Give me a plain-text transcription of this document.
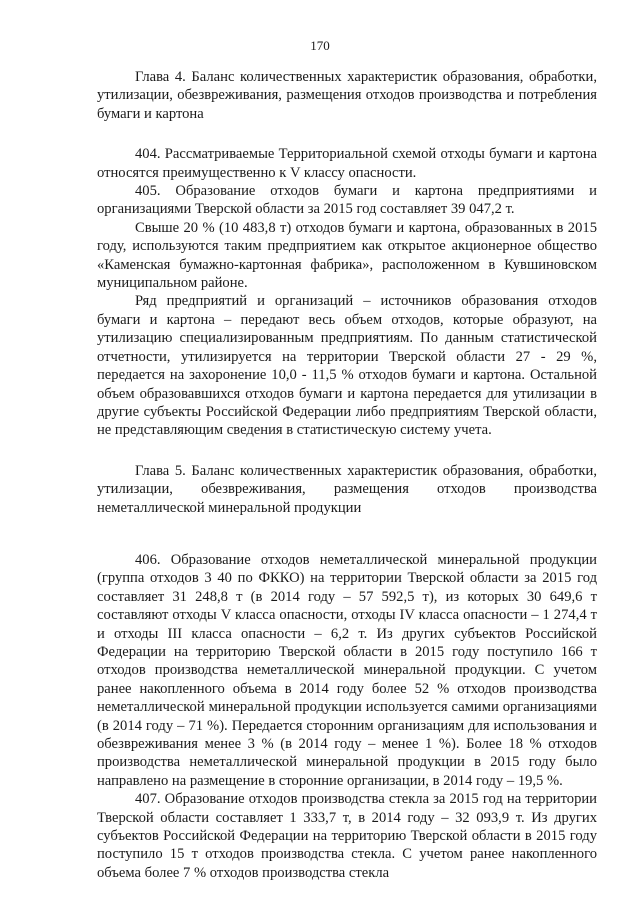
170

Глава 4. Баланс количественных характеристик образования, обработки, утилизации, обезвреживания, размещения отходов производства и потребления бумаги и картона

404. Рассматриваемые Территориальной схемой отходы бумаги и картона относятся преимущественно к V классу опасности.

405. Образование отходов бумаги и картона предприятиями и организациями Тверской области за 2015 год составляет 39 047,2 т.

Свыше 20 % (10 483,8 т) отходов бумаги и картона, образованных в 2015 году, используются таким предприятием как открытое акционерное общество «Каменская бумажно-картонная фабрика», расположенном в Кувшиновском муниципальном районе.

Ряд предприятий и организаций – источников образования отходов бумаги и картона – передают весь объем отходов, которые образуют, на утилизацию специализированным предприятиям. По данным статистической отчетности, утилизируется на территории Тверской области 27 - 29 %, передается на захоронение 10,0 - 11,5 % отходов бумаги и картона. Остальной объем образовавшихся отходов бумаги и картона передается для утилизации в другие субъекты Российской Федерации либо предприятиям Тверской области, не представляющим сведения в статистическую систему учета.

Глава 5. Баланс количественных характеристик образования, обработки, утилизации, обезвреживания, размещения отходов производства неметаллической минеральной продукции

406. Образование отходов неметаллической минеральной продукции (группа отходов 3 40 по ФККО) на территории Тверской области за 2015 год составляет 31 248,8 т (в 2014 году – 57 592,5 т), из которых 30 649,6 т составляют отходы V класса опасности, отходы IV класса опасности – 1 274,4 т и отходы III класса опасности – 6,2 т. Из других субъектов Российской Федерации на территорию Тверской области в 2015 году поступило 166 т отходов производства неметаллической минеральной продукции. С учетом ранее накопленного объема в 2014 году более 52 % отходов производства неметаллической минеральной продукции используется самими организациями (в 2014 году – 71 %). Передается сторонним организациям для использования и обезвреживания менее 3 % (в 2014 году – менее 1 %). Более 18 % отходов производства неметаллической минеральной продукции в 2015 году было направлено на размещение в сторонние организации, в 2014 году – 19,5 %.

407. Образование отходов производства стекла за 2015 год на территории Тверской области составляет 1 333,7 т, в 2014 году – 32 093,9 т. Из других субъектов Российской Федерации на территорию Тверской области в 2015 году поступило 15 т отходов производства стекла. С учетом ранее накопленного объема более 7 % отходов производства стекла
